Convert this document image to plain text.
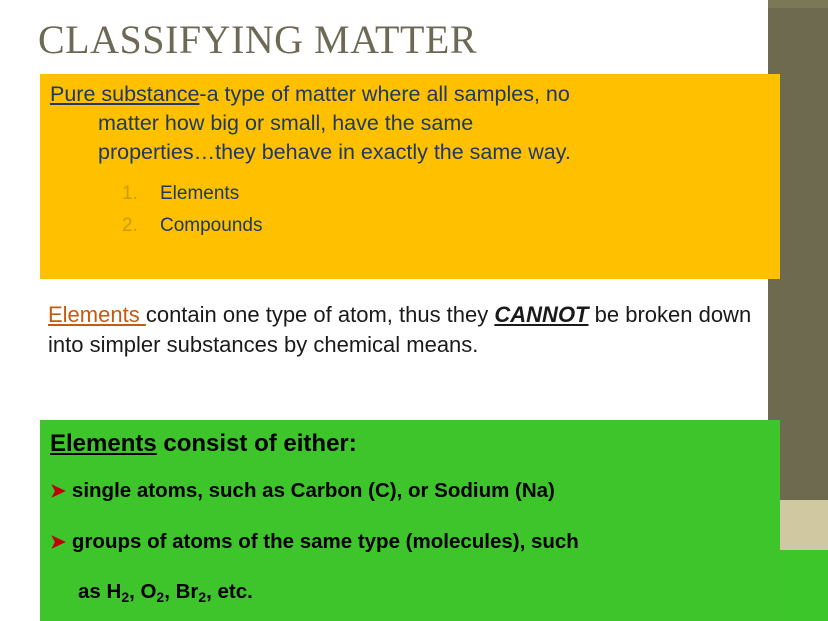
CLASSIFYING MATTER
Pure substance-a type of matter where all samples, no
matter how big or small, have the same
properties…they behave in exactly the same way.
1. Elements
2. Compounds
Elements contain one type of atom, thus they CANNOT be broken down into simpler substances by chemical means.
Elements consist of either:
➤ single atoms, such as Carbon (C), or Sodium (Na)
➤ groups of atoms of the same type (molecules), such
as $H_2$, $O_2$, $Br_2$, etc.
